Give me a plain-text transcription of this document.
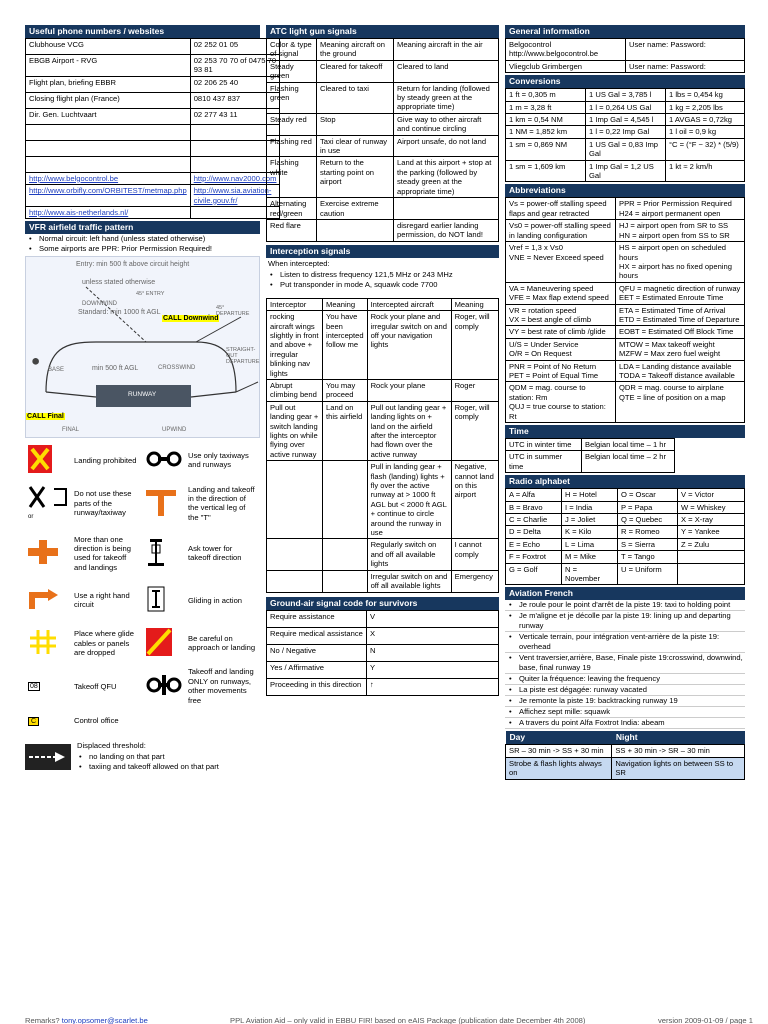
Useful phone numbers / websites
Clubhouse VCG	02 252 01 05
EBGB Airport - RVG	02 253 70 70 of 0475 70 93 81
Flight plan, briefing EBBR	02 206 25 40
Closing flight plan (France)	0810 437 837
Dir. Gen. Luchtvaart	02 277 43 11

http://www.belgocontrol.be	http://www.nav2000.com
http://www.orbifly.com/ORBITEST/metmap.php	http://www.sia.aviation-civile.gouv.fr/
http://www.ais-netherlands.nl/	
VFR airfield traffic pattern
• Normal circuit: left hand (unless stated otherwise)
• Some airports are PPR: Prior Permission Required!
⬤
Entry: min 500 ft above circuit height
unless stated otherwise
DOWNWIND
Standard: min 1000 ft AGL
CALL Downwind
min 500 ft AGL
RUNWAY
CALL Final
BASE
FINAL	UPWIND
CROSSWIND
STRAIGHT-OUT DEPARTURE
45° DEPARTURE
45° ENTRY
	Landing prohibited		Use only taxiways and runways
or	Do not use these parts of the runway/taxiway		Landing and takeoff in the direction of the vertical leg of the "T"
	More than one direction is being used for takeoff and landings		Ask tower for takeoff direction
	Use a right hand circuit		Gliding in action
	Place where glide cables or panels are dropped		Be careful on approach or landing
08	Takeoff QFU		Takeoff and landing ONLY on runways, other movements free
C	Control office		
Displaced threshold:
• no landing on that part
• taxiing and takeoff allowed on that part
ATC light gun signals
Color & type of signal	Meaning aircraft on the ground	Meaning aircraft in the air
Steady green	Cleared for takeoff	Cleared to land
Flashing green	Cleared to taxi	Return for landing (followed by steady green at the appropriate time)
Steady red	Stop	Give way to other aircraft and continue circling
Flashing red	Taxi clear of runway in use	Airport unsafe, do not land
Flashing white	Return to the starting point on airport	Land at this airport + stop at the parking (followed by steady green at the appropriate time)
Alternating red/green	Exercise extreme caution	
Red flare		disregard earlier landing permission, do NOT land!
Interception signals
When intercepted:
• Listen to distress frequency 121,5 MHz or 243 MHz
• Put transponder in mode A, squawk code 7700
Interceptor	Meaning	Intercepted aircraft	Meaning
rocking aircraft wings slightly in front and above + irregular blinking nav lights	You have been intercepted follow me	Rock your plane and irregular switch on and off your navigation lights	Roger, will comply
Abrupt climbing bend	You may proceed	Rock your plane	Roger
Pull out landing gear + switch landing lights on while flying over active runway	Land on this airfield	Pull out landing gear + landing lights on + land on the airfield after the interceptor had flown over the active runway	Roger, will comply
		Pull in landing gear + flash (landing) lights + fly over the active runway at > 1000 ft AGL but < 2000 ft AGL + continue to circle around the runway in use	Negative, cannot land on this airport
		Regularly switch on and off all available lights	I cannot comply
		Irregular switch on and off all available lights	Emergency
Ground-air signal code for survivors
Require assistance	V
Require medical assistance	X
No / Negative	N
Yes / Affirmative	Y
Proceeding in this direction	↑
General information
Belgocontrol http://www.belgocontrol.be	User name: Password:
Vliegclub Grimbergen	User name: Password:
Conversions
1 ft = 0,305 m	1 US Gal = 3,785 l	1 lbs = 0,454 kg
1 m = 3,28 ft	1 l = 0,264 US Gal	1 kg = 2,205 lbs
1 km = 0,54 NM	1 Imp Gal = 4,545 l	1 AVGAS = 0,72kg
1 NM = 1,852 km	1 l = 0,22 Imp Gal	1 l oil = 0,9 kg
1 sm = 0,869 NM	1 US Gal = 0,83 Imp Gal	°C = (°F − 32) * (5/9)
1 sm = 1,609 km	1 Imp Gal = 1,2 US Gal	1 kt ≈ 2 km/h
Abbreviations
Vs = power-off stalling speed flaps and gear retracted	PPR = Prior Permission Required
H24 = airport permanent open
Vs0 = power-off stalling speed in landing configuration	HJ = airport open from SR to SS
HN = airport open from SS to SR
Vref = 1,3 x Vs0
VNE = Never Exceed speed	HS = airport open on scheduled hours
HX = airport has no fixed opening hours
VA = Maneuvering speed
VFE = Max flap extend speed	QFU = magnetic direction of runway
EET = Estimated Enroute Time
VR = rotation speed
VX = best angle of climb	ETA = Estimated Time of Arrival
ETD = Estimated Time of Departure
VY = best rate of climb /glide	EOBT = Estimated Off Block Time
U/S = Under Service
O/R = On Request	MTOW = Max takeoff weight
MZFW = Max zero fuel weight
PNR = Point of No Return
PET = Point of Equal Time	LDA = Landing distance available
TODA = Takeoff distance available
QDM = mag. course to station: Rm
QUJ = true course to station: Rt	QDR = mag. course to airplane
QTE = line of position on a map
Time
UTC in winter time	Belgian local time – 1 hr
UTC in summer time	Belgian local time – 2 hr
Radio alphabet
A = Alfa	H = Hotel	O = Oscar	V = Victor
B = Bravo	I = India	P = Papa	W = Whiskey
C = Charlie	J = Joliet	Q = Quebec	X = X-ray
D = Delta	K = Kilo	R = Romeo	Y = Yankee
E = Echo	L = Lima	S = Sierra	Z = Zulu
F = Foxtrot	M = Mike	T = Tango	
G = Golf	N = November	U = Uniform	
Aviation French
• Je roule pour le point d'arrêt de la piste 19: taxi to holding point
• Je m'aligne et je décolle par la piste 19: lining up and departing runway
• Verticale terrain, pour intégration vent-arrière de la piste 19: overhead
• Vent traversier,arrière, Base, Finale piste 19:crosswind, downwind, base, final runway 19
• Quiter la fréquence: leaving the frequency
• La piste est dégagée: runway vacated
• Je remonte la piste 19: backtracking runway 19
• Affichez sept mille: squawk
• A travers du point Alfa Foxtrot India: abeam
Day	Night
SR – 30 min -> SS + 30 min	SS + 30 min -> SR – 30 min
Strobe & flash lights always on	Navigation lights on between SS to SR
Remarks? tony.opsomer@scarlet.be	PPL Aviation Aid – only valid in EBBU FIR! based on eAIS Package (publication date December 4th 2008)	version 2009-01-09 / page 1
